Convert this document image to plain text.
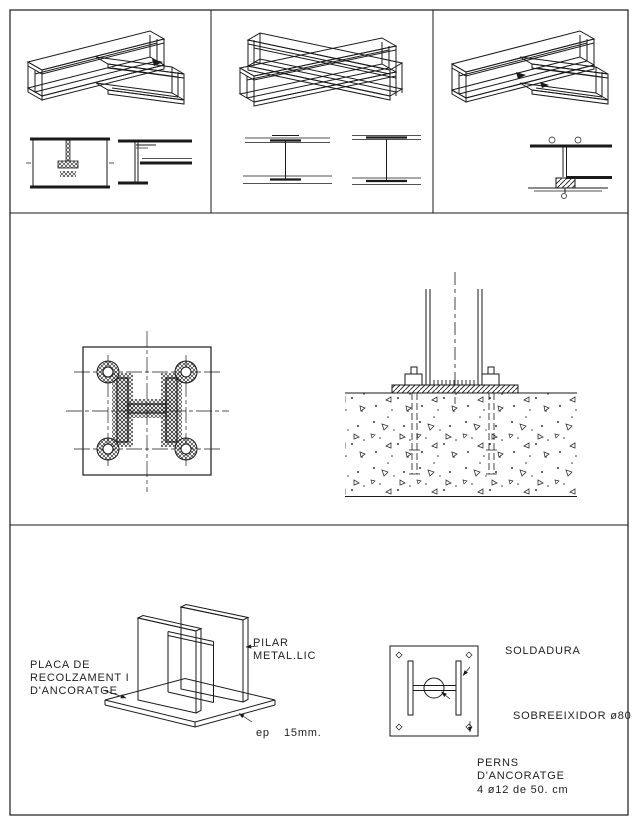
PLACA DE
RECOLZAMENT I
D'ANCORATGE
PILAR
METAL.LIC
ep 15mm.
SOLDADURA
SOBREEIXIDOR ø80
PERNS
D'ANCORATGE
4 ø12 de 50. cm
